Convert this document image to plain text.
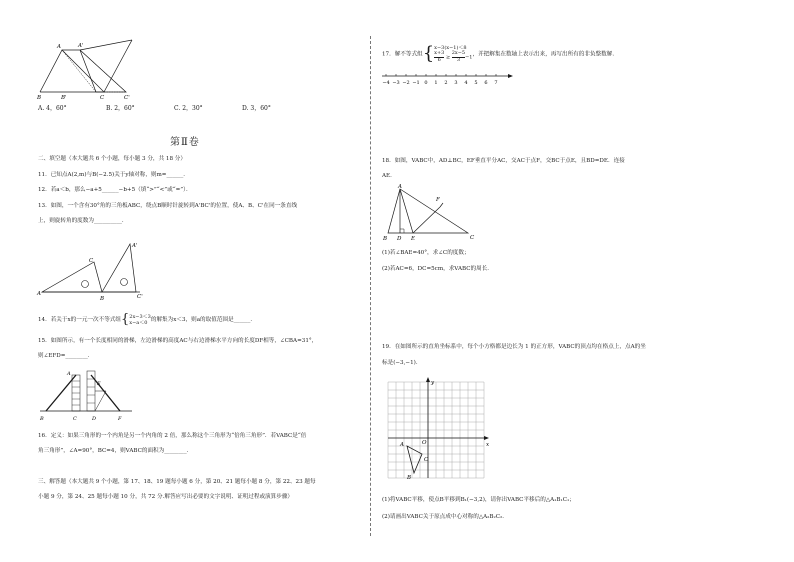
A	A'
B	B'	C	C'
A. 4，60°	B. 2，60°	C. 2，30°	D. 3，60°
第Ⅱ卷
二、填空题（本大题共 6 个小题，每小题 3 分，共 18 分）
11．已知点A(2,m)与B(−2.5)关于y轴对称，则m=______．
12．若a＜b，那么−a+5______−b+5（填“>”“<”或“=”）．
13．如图，一个含有30°角的三角板ABC，绕点B顺时针旋转到A'BC'的位置，使A、B、C'在同一条直线
上，则旋转角的度数为__________．
A
B
C
A'
C'
14．若关于x的一元一次不等式组{ 2x−3＜3
x−a＜0 的解集为x＜3，则a的取值范围是______．
15．如图所示，有一个长度相同的滑梯，左边滑梯的高度AC与右边滑梯水平方向的长度DF相等，∠CBA=31°，
则∠EFD=________．
A
B	C	D
E
F
16．定义：如果三角形的一个内角是另一个内角的 2 倍，那么称这个三角形为“倍角三角形”．若VABC是“倍
角三角形”，∠A=90°，BC=4，则VABC的面积为________．
三、解答题（本大题共 9 个小题，第 17、18、19 题每小题 6 分，第 20、21 题每小题 8 分，第 22、23 题每
小题 9 分，第 24、25 题每小题 10 分，共 72 分.解答应写出必要的文字说明、证明过程或演算步骤）
17．解不等式组{ x−3(x−1)＜8
$\frac{x+3}{6} \ge \frac{2x-5}{3} -1$ ，并把解集在数轴上表示出来，再写出所有的非负整数解．
−4 −3 −2 −1 0 1 2 3 4 5 6 7
18．如图，VABC中，AD⊥BC，EF垂直平分AC，交AC于点F，交BC于点E，且BD=DE．连接
AE．
A
B D E	C
F
(1)若∠BAE=40°，求∠C的度数；
(2)若AC=6，DC=5cm，求VABC的周长．
19．在如图所示的直角坐标系中，每个小方格都是边长为 1 的正方形，VABC的顶点均在格点上，点A的坐
标是(−3,−1)．
A
B
C
O	x
y
(1)将VABC平移，使点B平移到B₁(−3,2)，请你出VABC平移后的△A₁B₁C₁；
(2)请画出VABC关于原点成中心对称的△A₂B₂C₂．
